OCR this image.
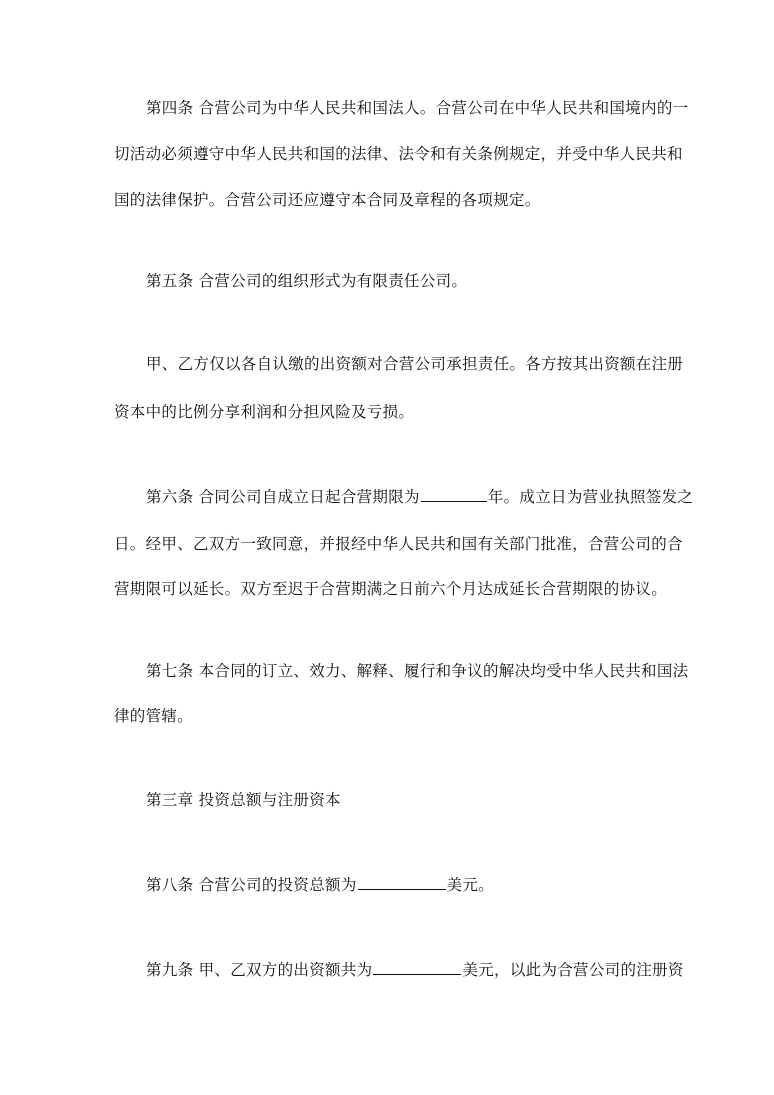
第四条 合营公司为中华人民共和国法人。合营公司在中华人民共和国境内的一
切活动必须遵守中华人民共和国的法律、法令和有关条例规定，并受中华人民共和
国的法律保护。合营公司还应遵守本合同及章程的各项规定。
第五条 合营公司的组织形式为有限责任公司。
甲、乙方仅以各自认缴的出资额对合营公司承担责任。各方按其出资额在注册
资本中的比例分享利润和分担风险及亏损。
第六条 合同公司自成立日起合营期限为	年。成立日为营业执照签发之
日。经甲、乙双方一致同意，并报经中华人民共和国有关部门批准，合营公司的合
营期限可以延长。双方至迟于合营期满之日前六个月达成延长合营期限的协议。
第七条 本合同的订立、效力、解释、履行和争议的解决均受中华人民共和国法
律的管辖。
第三章 投资总额与注册资本
第八条 合营公司的投资总额为	美元。
第九条 甲、乙双方的出资额共为	美元，以此为合营公司的注册资
